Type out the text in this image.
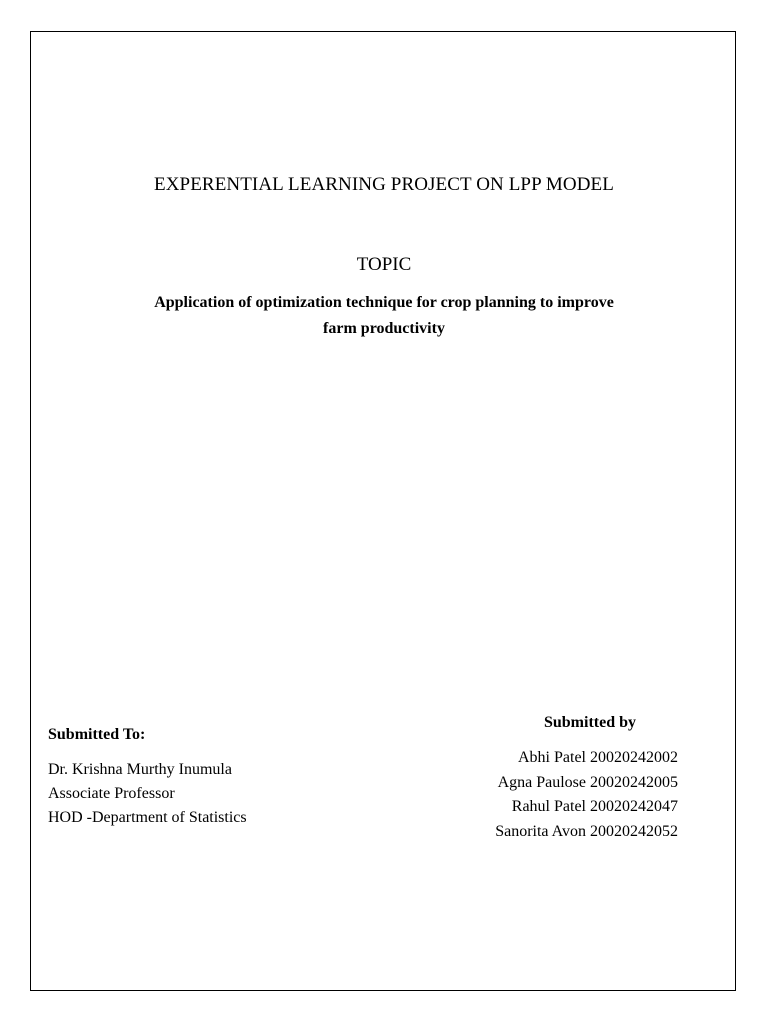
EXPERENTIAL LEARNING PROJECT ON LPP MODEL
TOPIC
Application of optimization technique for crop planning to improve
farm productivity
Submitted To:
Dr. Krishna Murthy Inumula
Associate Professor
HOD -Department of Statistics
Submitted by
Abhi Patel 20020242002
Agna Paulose 20020242005
Rahul Patel 20020242047
Sanorita Avon 20020242052
